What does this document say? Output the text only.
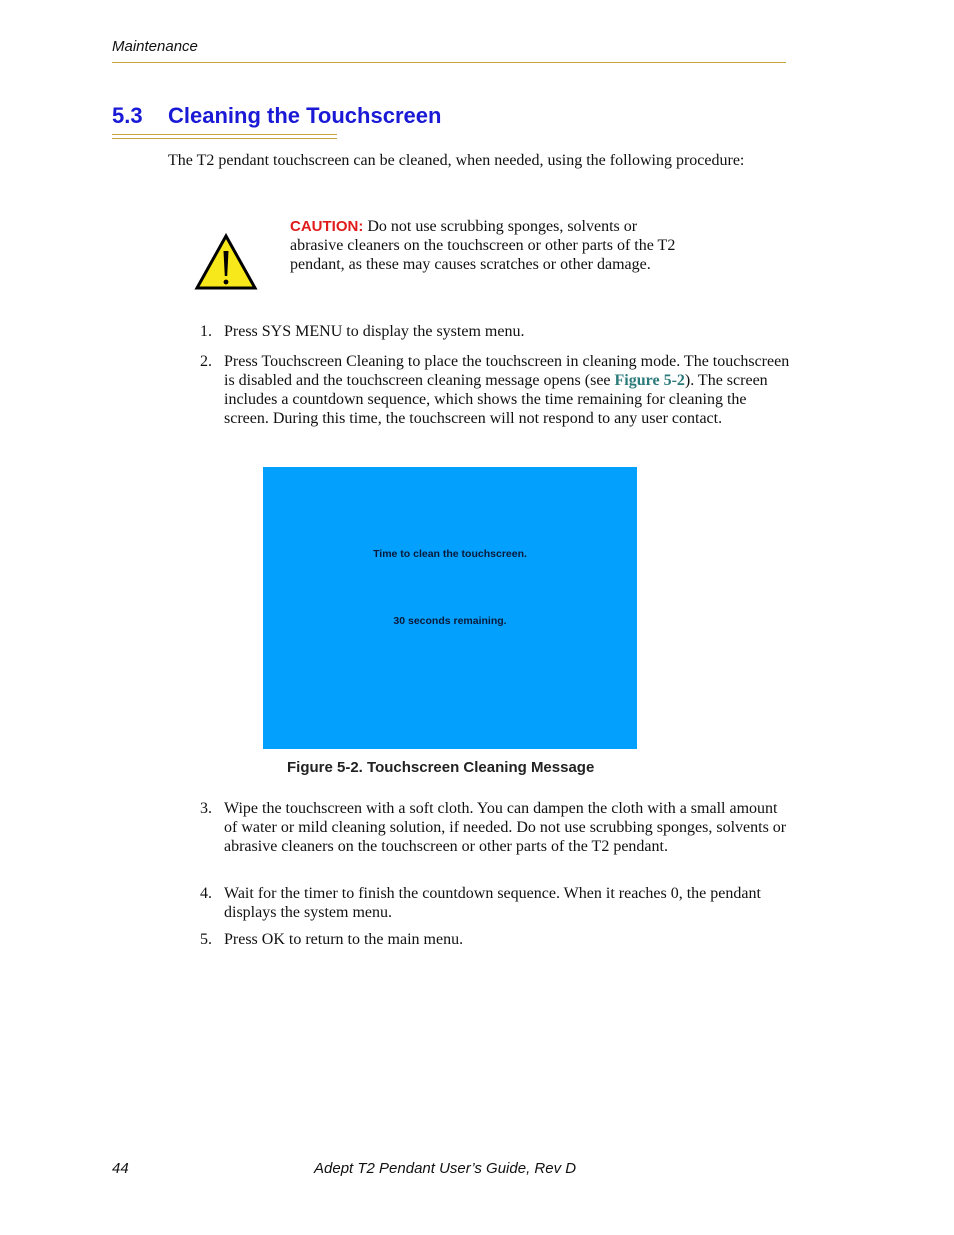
Maintenance
5.3 Cleaning the Touchscreen

The T2 pendant touchscreen can be cleaned, when needed, using the following procedure:

CAUTION: Do not use scrubbing sponges, solvents or abrasive cleaners on the touchscreen or other parts of the T2 pendant, as these may causes scratches or other damage.
1. Press SYS MENU to display the system menu.
2. Press Touchscreen Cleaning to place the touchscreen in cleaning mode. The touchscreen is disabled and the touchscreen cleaning message opens (see Figure 5-2). The screen includes a countdown sequence, which shows the time remaining for cleaning the screen. During this time, the touchscreen will not respond to any user contact.
Time to clean the touchscreen.
30 seconds remaining.
Figure 5-2. Touchscreen Cleaning Message
3. Wipe the touchscreen with a soft cloth. You can dampen the cloth with a small amount of water or mild cleaning solution, if needed. Do not use scrubbing sponges, solvents or abrasive cleaners on the touchscreen or other parts of the T2 pendant.
4. Wait for the timer to finish the countdown sequence. When it reaches 0, the pendant displays the system menu.
5. Press OK to return to the main menu.
44	Adept T2 Pendant User’s Guide, Rev D
